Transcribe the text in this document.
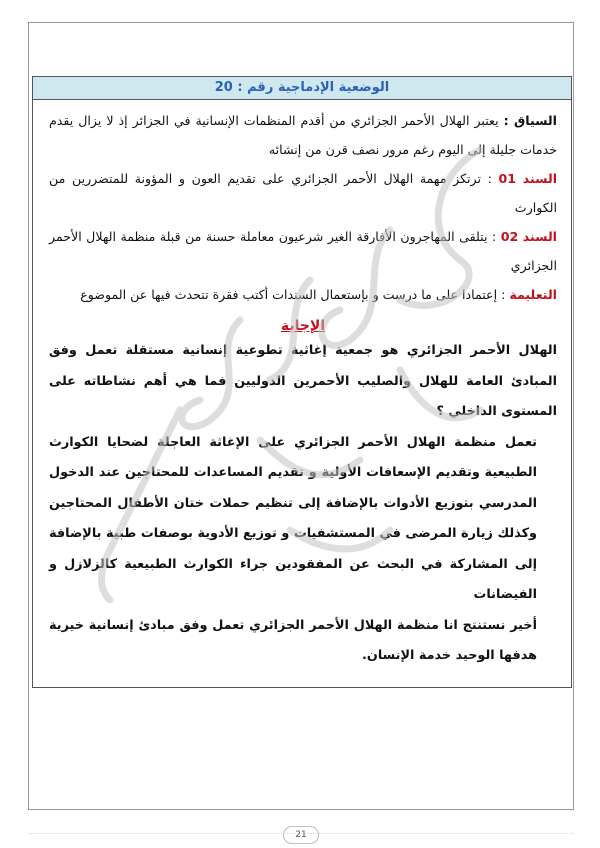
الوضعية الإدماجية رقم : 20

السياق : يعتبر الهلال الأحمر الجزائري من أقدم المنظمات الإنسانية في الجزائر إذ لا يزال يقدم خدمات جليلة إلى اليوم رغم مرور نصف قرن من إنشائه

السند 01 : ترتكز مهمة الهلال الأحمر الجزائري على تقديم العون و المؤونة للمتضررين من الكوارث

السند 02 : يتلقى المهاجرون الأفارقة الغير شرعيون معاملة حسنة من قبلة منظمة الهلال الأحمر الجزائري

التعليمة : إعتمادا على ما درست و بإستعمال السندات أكتب فقرة تتحدث فيها عن الموضوع

الإجابة

الهلال الأحمر الجزائري هو جمعية إغاثية تطوعية إنسانية مستقلة تعمل وفق المبادئ العامة للهلال والصليب الأحمرين الدوليين فما هي أهم نشاطاته على المستوى الداخلي ؟

تعمل منظمة الهلال الأحمر الجزائري على الإغاثة العاجلة لضحايا الكوارث الطبيعية وتقديم الإسعافات الأولية و تقديم المساعدات للمحتاجين عند الدخول المدرسي بتوزيع الأدوات بالإضافة إلى تنظيم حملات ختان الأطفال المحتاجين وكذلك زيارة المرضى في المستشفيات و توزيع الأدوية بوصفات طبية بالإضافة إلى المشاركة في البحث عن المفقودين جراء الكوارث الطبيعية كالزلازل و الفيضانات

أخير نستنتج انا منظمة الهلال الأحمر الجزائري تعمل وفق مبادئ إنسانية خيرية هدفها الوحيد خدمة الإنسان.

21
